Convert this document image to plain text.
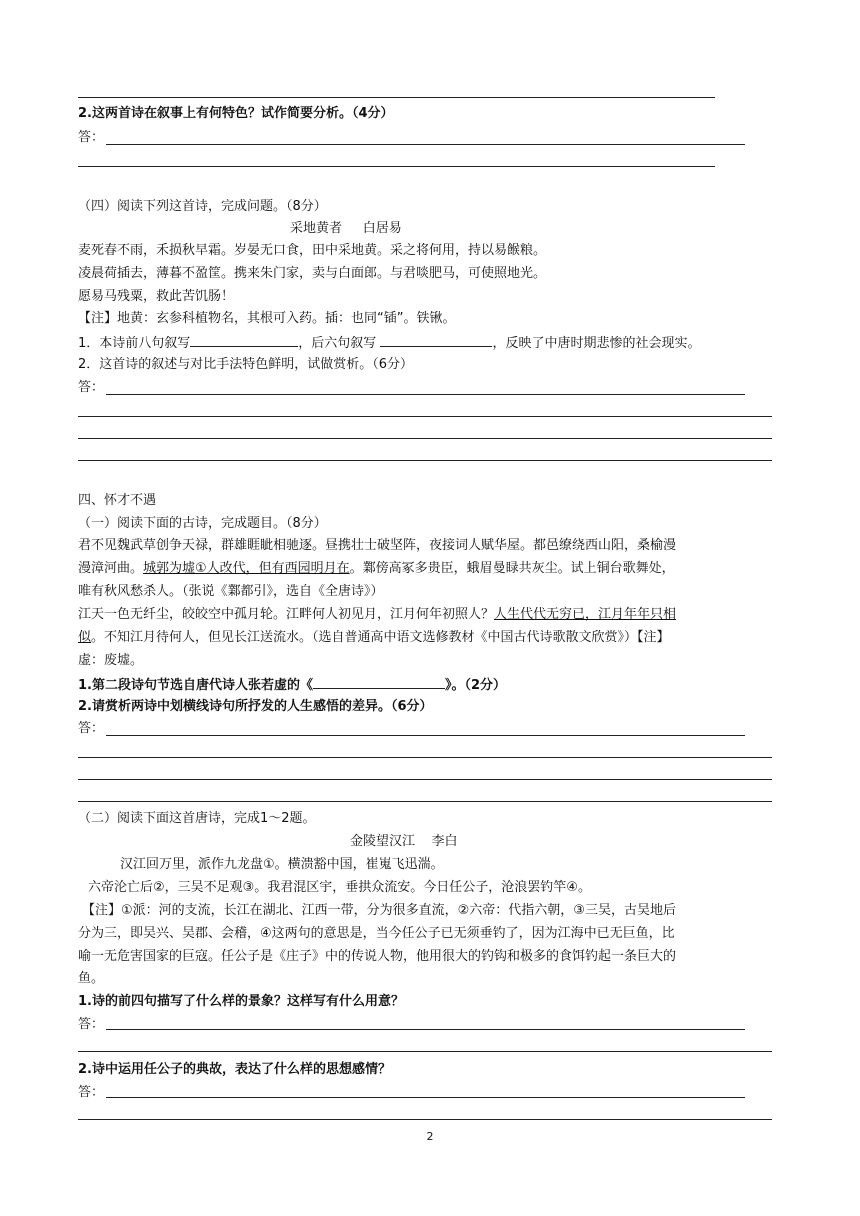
2.这两首诗在叙事上有何特色？试作简要分析。（4分）
答：
（四）阅读下列这首诗，完成问题。（8分）
采地黄者 白居易
麦死春不雨，禾损秋早霜。岁晏无口食，田中采地黄。采之将何用，持以易餱粮。
凌晨荷插去，薄暮不盈筐。携来朱门家，卖与白面郎。与君啖肥马，可使照地光。
愿易马残粟，救此苦饥肠！
【注】地黄：玄参科植物名，其根可入药。插：也同“锸”。铁锹。
1．本诗前八句叙写	，后六句叙写	，反映了中唐时期悲惨的社会现实。
2．这首诗的叙述与对比手法特色鲜明，试做赏析。（6分）
答：
四、怀才不遇
（一）阅读下面的古诗，完成题目。（8分）
君不见魏武草创争天禄，群雄睚眦相驰逐。昼携壮士破坚阵，夜接词人赋华屋。都邑缭绕西山阳，桑榆漫
漫漳河曲。城郭为墟①人改代，但有西园明月在。鄴傍高冢多贵臣，蛾眉曼睩共灰尘。试上铜台歌舞处，
唯有秋风愁杀人。（张说《鄴都引》，选自《全唐诗》）
江天一色无纤尘，皎皎空中孤月轮。江畔何人初见月，江月何年初照人？人生代代无穷已，江月年年只相
似。不知江月待何人，但见长江送流水。（选自普通高中语文选修教材《中国古代诗歌散文欣赏》）【注】
虚：废墟。
1.第二段诗句节选自唐代诗人张若虚的《	》。（2分）
2.请赏析两诗中划横线诗句所抒发的人生感悟的差异。（6分）
答：
（二）阅读下面这首唐诗，完成1～2题。
金陵望汉江 李白
汉江回万里，派作九龙盘①。横溃豁中国，崔嵬飞迅湍。
六帝沦亡后②，三吴不足观③。我君混区宇，垂拱众流安。今日任公子，沧浪罢钓竿④。
【注】①派：河的支流，长江在湖北、江西一带，分为很多直流，②六帝：代指六朝，③三吴，古吴地后
分为三，即吴兴、吴郡、会稽，④这两句的意思是，当今任公子已无须垂钓了，因为江海中已无巨鱼，比
喻一无危害国家的巨寇。任公子是《庄子》中的传说人物，他用很大的钓钩和极多的食饵钓起一条巨大的
鱼。
1.诗的前四句描写了什么样的景象？这样写有什么用意？
答：
2.诗中运用任公子的典故，表达了什么样的思想感情？
答：
2
